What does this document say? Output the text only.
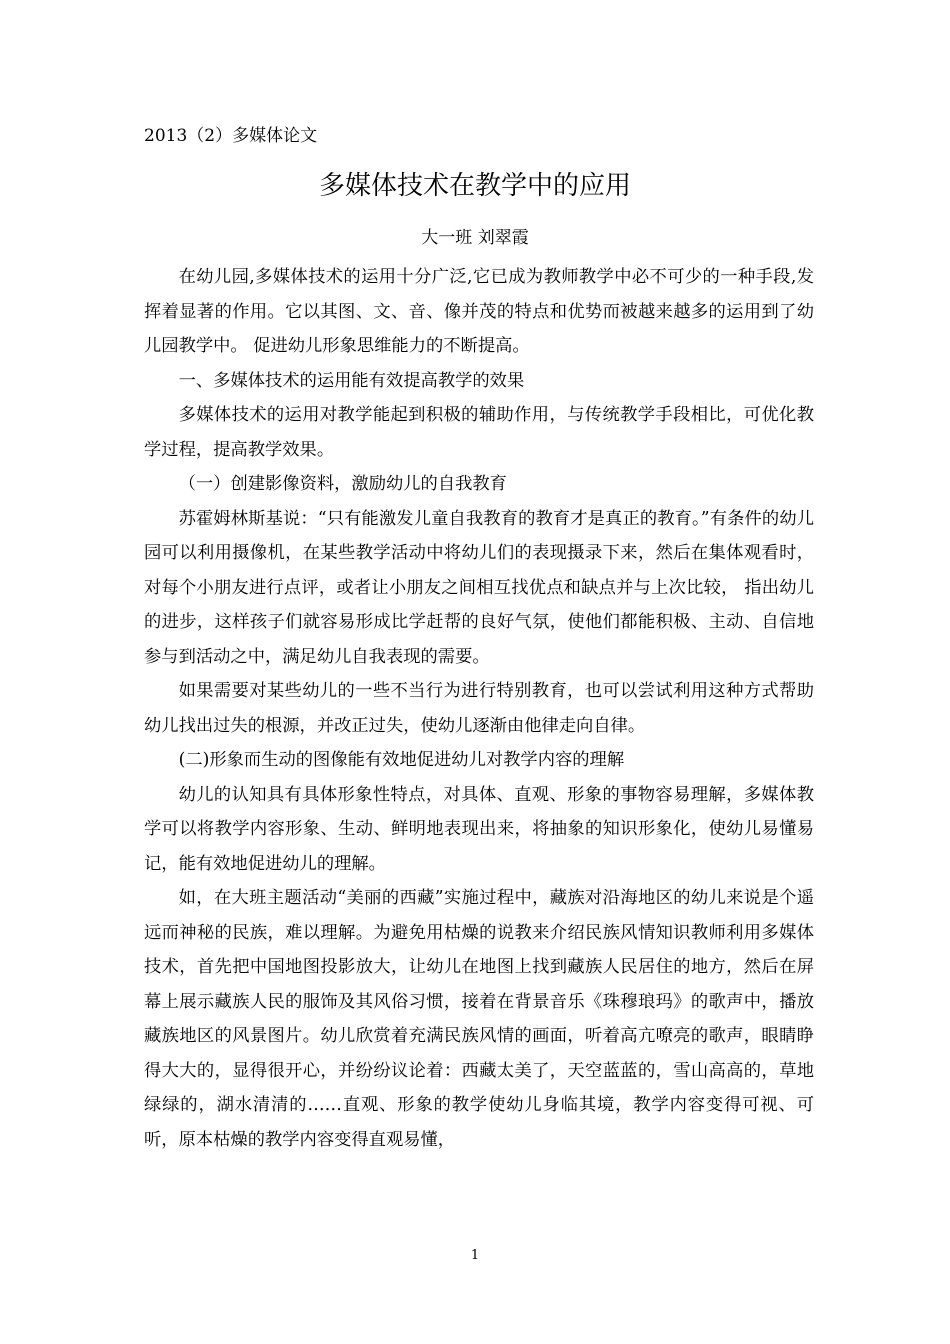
2013（2）多媒体论文
多媒体技术在教学中的应用
大一班 刘翠霞

在幼儿园,多媒体技术的运用十分广泛,它已成为教师教学中必不可少的一种手段,发挥着显著的作用。它以其图、文、音、像并茂的特点和优势而被越来越多的运用到了幼儿园教学中。 促进幼儿形象思维能力的不断提高。

一、多媒体技术的运用能有效提高教学的效果

多媒体技术的运用对教学能起到积极的辅助作用，与传统教学手段相比，可优化教学过程，提高教学效果。

（一）创建影像资料，激励幼儿的自我教育

苏霍姆林斯基说：“只有能激发儿童自我教育的教育才是真正的教育。”有条件的幼儿园可以利用摄像机，在某些教学活动中将幼儿们的表现摄录下来，然后在集体观看时，对每个小朋友进行点评，或者让小朋友之间相互找优点和缺点并与上次比较， 指出幼儿的进步，这样孩子们就容易形成比学赶帮的良好气氛，使他们都能积极、主动、自信地参与到活动之中，满足幼儿自我表现的需要。

如果需要对某些幼儿的一些不当行为进行特别教育，也可以尝试利用这种方式帮助幼儿找出过失的根源，并改正过失，使幼儿逐渐由他律走向自律。

(二)形象而生动的图像能有效地促进幼儿对教学内容的理解

幼儿的认知具有具体形象性特点，对具体、直观、形象的事物容易理解，多媒体教学可以将教学内容形象、生动、鲜明地表现出来，将抽象的知识形象化，使幼儿易懂易记，能有效地促进幼儿的理解。

如，在大班主题活动“美丽的西藏”实施过程中，藏族对沿海地区的幼儿来说是个遥远而神秘的民族，难以理解。为避免用枯燥的说教来介绍民族风情知识教师利用多媒体技术，首先把中国地图投影放大，让幼儿在地图上找到藏族人民居住的地方，然后在屏幕上展示藏族人民的服饰及其风俗习惯，接着在背景音乐《珠穆琅玛》的歌声中，播放藏族地区的风景图片。幼儿欣赏着充满民族风情的画面，听着高亢嘹亮的歌声，眼睛睁得大大的，显得很开心，并纷纷议论着：西藏太美了，天空蓝蓝的，雪山高高的，草地绿绿的，湖水清清的……直观、形象的教学使幼儿身临其境，教学内容变得可视、可听，原本枯燥的教学内容变得直观易懂，

1
